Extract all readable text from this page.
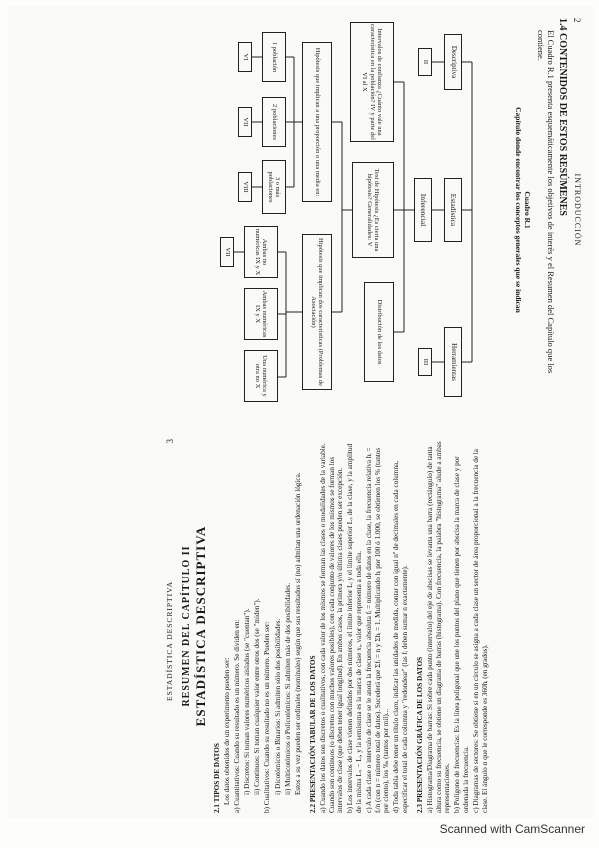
2
INTRODUCCIÓN
1.4 CONTENIDOS DE ESTOS RESÚMENES
El Cuadro R.1 presenta esquemáticamente los objetivos de interés y el Resumen del Capítulo que los contiene.
Cuadro R.1
Capítulo donde encontrar los conceptos generales que se indican
Estadística
Descriptiva
Herramientas
Inferencial
II
III
Intervalos de confianza ¿Cuánto vale una característica en la población? IV y parte del VI al X
Test de Hipótesis ¿Es cierta una hipótesis? Generalidades: V
Distribución de los datos
Hipótesis que implican a una proporción o una media en:
Hipótesis que implican dos características (Problemas de Asociación)
1 población
2 poblaciones
3 o más poblaciones
VI
VII
VIII
Ambas no numéricas IX y X
Ambas numéricas IX y X
Una numérica y otra no X
VII
ESTADÍSTICA DESCRIPTIVA
3
RESUMEN DEL CAPÍTULO II ESTADÍSTICA DESCRIPTIVA

2.1 TIPOS DE DATOS Los datos obtenidos de un experimento pueden ser: a) Cuantitativos: Cuando su resultado es un número. Se dividen en: i) Discretos: Si toman valores numéricos aislados (se "cuentan"). ii) Continuos: Si toman cualquier valor entre otros dos (se "miden"). b) Cualitativos: Cuando su resultado no es un número. Pueden ser: i) Dicotómicos o Binarios: Si admiten sólo dos posibilidades. ii) Multicotómicos o Policotómicos: Si admiten más de dos posibilidades. Estos a su vez pueden ser ordinales (nominales) según que sus resultados sí (no) admitan una ordenación lógica. 2.2 PRESENTACIÓN TABULAR DE LOS DATOS a) Cuando los datos son discretos o cualitativos, con cada valor de los mismos se forman las clases o modalidades de la variable. Cuando son continuos (o discretos con muchos valores posibles), con cada conjunto de valores de los mismos se forman los intervalos de clase (que deben tener igual longitud). En ambos casos, la primera y/o última clases pueden ser excepción. b) Los intervalos de clase vienen definidos por dos números, el límite inferior Lᵢ y el límite superior Lₛ de la clase, y la amplitud de la misma Lₛ − Lᵢ, y la semisuma es la marca de clase xᵢ, valor que representa a toda ella. c) A cada clase o intervalo de clase se le anota la frecuencia absoluta fᵢ = número de datos en la clase, la frecuencia relativa hᵢ = fᵢ/n (con n = número total de datos). Sucederá que Σfᵢ = n y Σhᵢ = 1. Multiplicando hᵢ por 100 ó 1.000, se obtienen los % (tantos por ciento), los ‰ (tantos por mil)... d) Toda tabla debe tener un título claro, indicar las unidades de medida, contar con igual nº de decimales en cada columna, especificar el total de cada columna y "redondear" (las fᵢ deben sumar n exactamente). 2.3 PRESENTACIÓN GRÁFICA DE LOS DATOS a) Histograma/Diagrama de barras: Si sobre cada punto (intervalo) del eje de abscisas se levanta una barra (rectángulo) de tanta altura como su frecuencia, se obtiene un diagrama de barras (histograma). Con frecuencia, la palabra "histograma" alude a ambas representaciones. b) Polígono de frecuencias: Es la línea poligonal que une los puntos del plano que tienen por abscisa la marca de clase y por ordenada la frecuencia. c) Diagramas de sectores: Se obtiene si en un círculo se asigna a cada clase un sector de área proporcional a la frecuencia de la clase. El ángulo α que le corresponde es 360hᵢ (en grados).

Scanned with CamScanner
